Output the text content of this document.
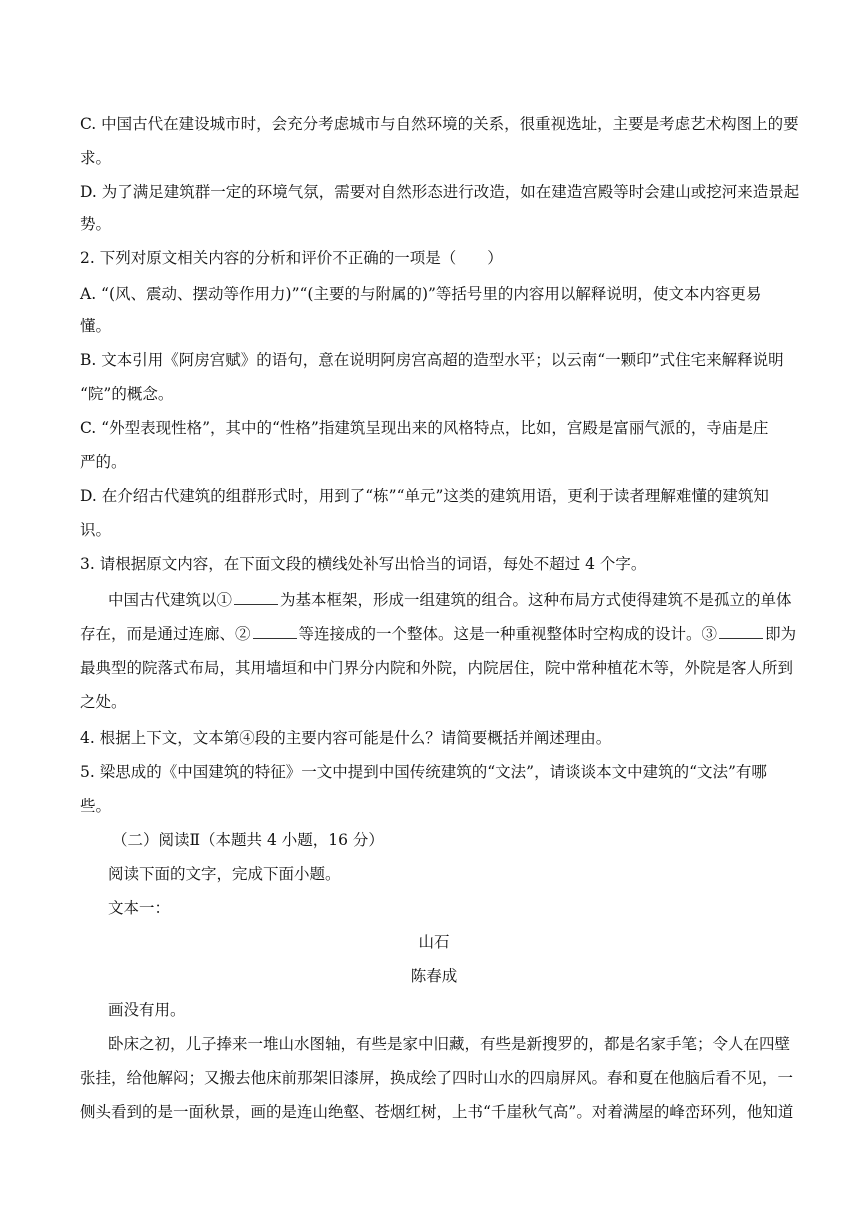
C. 中国古代在建设城市时，会充分考虑城市与自然环境的关系，很重视选址，主要是考虑艺术构图上的要
求。
D. 为了满足建筑群一定的环境气氛，需要对自然形态进行改造，如在建造宫殿等时会建山或挖河来造景起
势。
2. 下列对原文相关内容的分析和评价不正确的一项是（　　）
A. “(风、震动、摆动等作用力)”“(主要的与附属的)”等括号里的内容用以解释说明，使文本内容更易
懂。
B. 文本引用《阿房宫赋》的语句，意在说明阿房宫高超的造型水平；以云南“一颗印”式住宅来解释说明
“院”的概念。
C. “外型表现性格”，其中的“性格”指建筑呈现出来的风格特点，比如，宫殿是富丽气派的，寺庙是庄
严的。
D. 在介绍古代建筑的组群形式时，用到了“栋”“单元”这类的建筑用语，更利于读者理解难懂的建筑知
识。
3. 请根据原文内容，在下面文段的横线处补写出恰当的词语，每处不超过 4 个字。
中国古代建筑以①	为基本框架，形成一组建筑的组合。这种布局方式使得建筑不是孤立的单体
存在，而是通过连廊、②	等连接成的一个整体。这是一种重视整体时空构成的设计。③	即为
最典型的院落式布局，其用墙垣和中门界分内院和外院，内院居住，院中常种植花木等，外院是客人所到
之处。
4. 根据上下文，文本第④段的主要内容可能是什么？请简要概括并阐述理由。
5. 梁思成的《中国建筑的特征》一文中提到中国传统建筑的“文法”，请谈谈本文中建筑的“文法”有哪
些。
（二）阅读Ⅱ（本题共 4 小题，16 分）
阅读下面的文字，完成下面小题。
文本一：
山石
陈春成
画没有用。
卧床之初，儿子捧来一堆山水图轴，有些是家中旧藏，有些是新搜罗的，都是名家手笔；令人在四壁
张挂，给他解闷；又搬去他床前那架旧漆屏，换成绘了四时山水的四扇屏风。春和夏在他脑后看不见，一
侧头看到的是一面秋景，画的是连山绝壑、苍烟红树，上书“千崖秋气高”。对着满屋的峰峦环列，他知道
